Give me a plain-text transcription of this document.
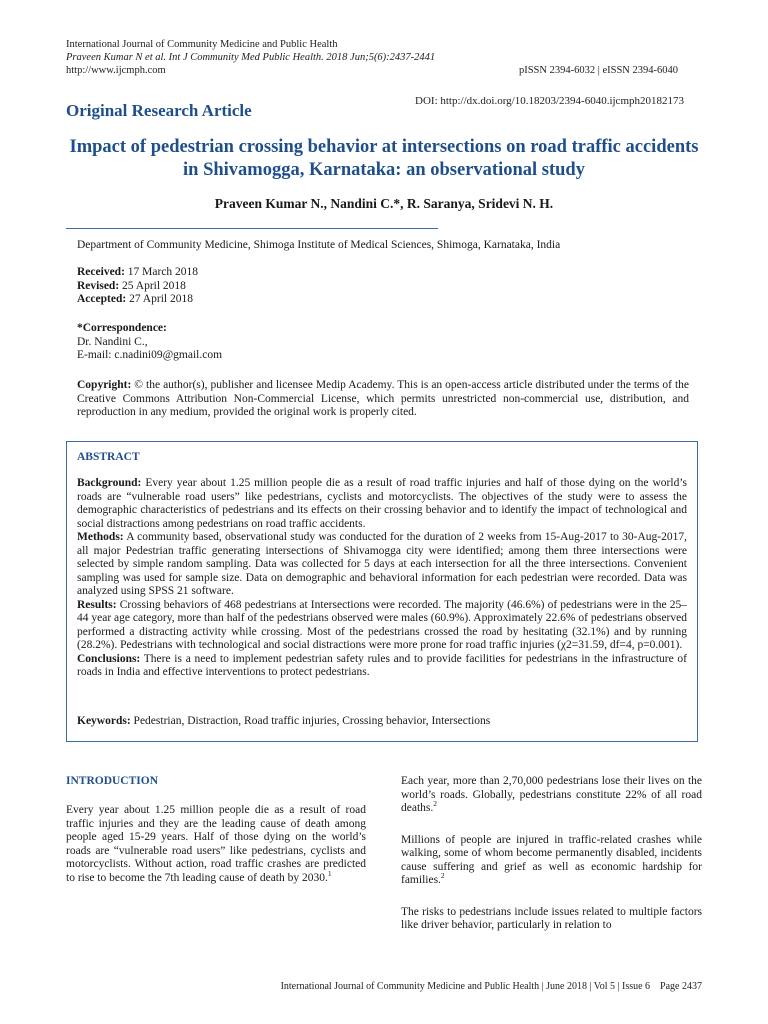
International Journal of Community Medicine and Public Health
Praveen Kumar N et al. Int J Community Med Public Health. 2018 Jun;5(6):2437-2441
http://www.ijcmph.com	pISSN 2394-6032 | eISSN 2394-6040
Original Research Article	DOI: http://dx.doi.org/10.18203/2394-6040.ijcmph20182173
Impact of pedestrian crossing behavior at intersections on road traffic accidents in Shivamogga, Karnataka: an observational study
Praveen Kumar N., Nandini C.*, R. Saranya, Sridevi N. H.
Department of Community Medicine, Shimoga Institute of Medical Sciences, Shimoga, Karnataka, India
Received: 17 March 2018
Revised: 25 April 2018
Accepted: 27 April 2018
*Correspondence:
Dr. Nandini C.,
E-mail: c.nadini09@gmail.com
Copyright: © the author(s), publisher and licensee Medip Academy. This is an open-access article distributed under the terms of the Creative Commons Attribution Non-Commercial License, which permits unrestricted non-commercial use, distribution, and reproduction in any medium, provided the original work is properly cited.
ABSTRACT

Background: Every year about 1.25 million people die as a result of road traffic injuries and half of those dying on the world’s roads are “vulnerable road users” like pedestrians, cyclists and motorcyclists. The objectives of the study were to assess the demographic characteristics of pedestrians and its effects on their crossing behavior and to identify the impact of technological and social distractions among pedestrians on road traffic accidents.

Methods: A community based, observational study was conducted for the duration of 2 weeks from 15-Aug-2017 to 30-Aug-2017, all major Pedestrian traffic generating intersections of Shivamogga city were identified; among them three intersections were selected by simple random sampling. Data was collected for 5 days at each intersection for all the three intersections. Convenient sampling was used for sample size. Data on demographic and behavioral information for each pedestrian were recorded. Data was analyzed using SPSS 21 software.

Results: Crossing behaviors of 468 pedestrians at Intersections were recorded. The majority (46.6%) of pedestrians were in the 25–44 year age category, more than half of the pedestrians observed were males (60.9%). Approximately 22.6% of pedestrians observed performed a distracting activity while crossing. Most of the pedestrians crossed the road by hesitating (32.1%) and by running (28.2%). Pedestrians with technological and social distractions were more prone for road traffic injuries (χ2=31.59, df=4, p=0.001).

Conclusions: There is a need to implement pedestrian safety rules and to provide facilities for pedestrians in the infrastructure of roads in India and effective interventions to protect pedestrians.

Keywords: Pedestrian, Distraction, Road traffic injuries, Crossing behavior, Intersections
INTRODUCTION

Every year about 1.25 million people die as a result of road traffic injuries and they are the leading cause of death among people aged 15-29 years. Half of those dying on the world’s roads are “vulnerable road users” like pedestrians, cyclists and motorcyclists. Without action, road traffic crashes are predicted to rise to become the 7th leading cause of death by 2030.$^1$

Each year, more than 2,70,000 pedestrians lose their lives on the world’s roads. Globally, pedestrians constitute 22% of all road deaths.$^2$

Millions of people are injured in traffic-related crashes while walking, some of whom become permanently disabled, incidents cause suffering and grief as well as economic hardship for families.$^2$

The risks to pedestrians include issues related to multiple factors like driver behavior, particularly in relation to

International Journal of Community Medicine and Public Health | June 2018 | Vol 5 | Issue 6    Page 2437
